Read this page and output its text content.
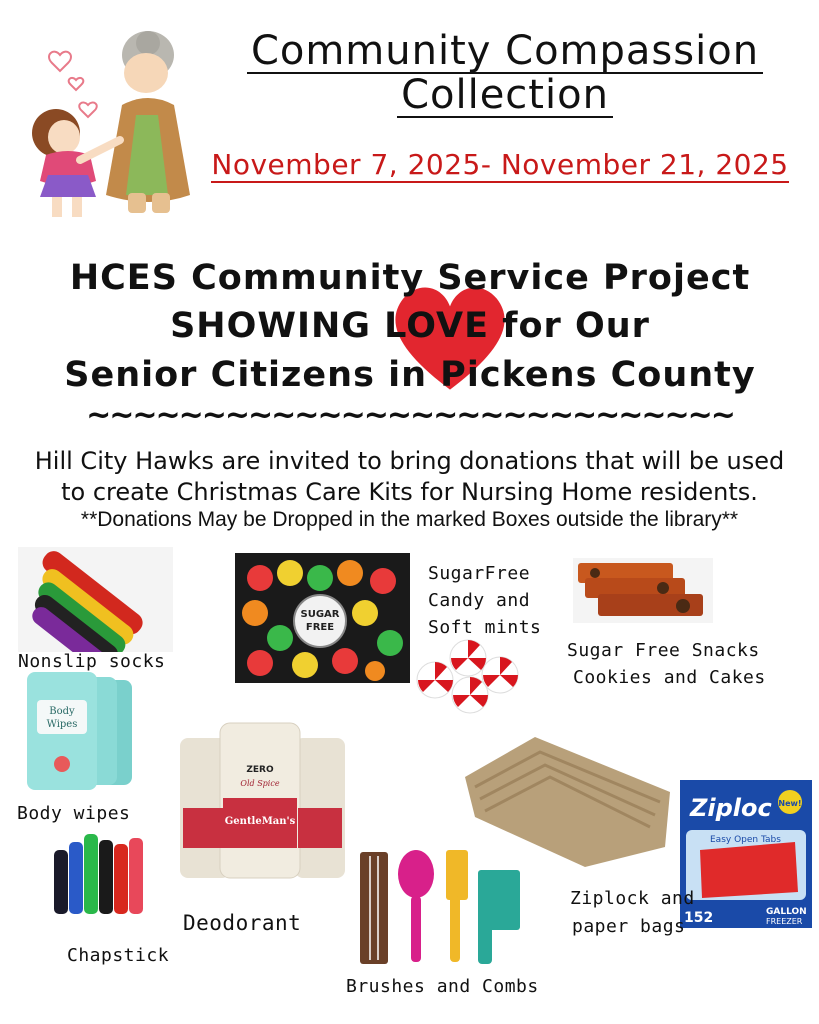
Community Compassion
Collection
November 7, 2025- November 21, 2025
HCES Community Service Project
SHOWING LOVE for Our
Senior Citizens in Pickens County
~~~~~~~~~~~~~~~~~~~~~~~~~~~~
Hill City Hawks are invited to bring donations that will be used
to create Christmas Care Kits for Nursing Home residents.
**Donations May be Dropped in the marked Boxes outside the library**
Nonslip socks
SUGAR
FREE
SugarFree
Candy and
Soft mints
Sugar Free Snacks
Cookies and Cakes
Body
Wipes
Body wipes
ZERO
Old Spice
GentleMan's
Deodorant
Chapstick
Brushes and Combs
Ziploc New!
Easy Open Tabs
152	GALLON
FREEZER
Ziplock and
paper bags
